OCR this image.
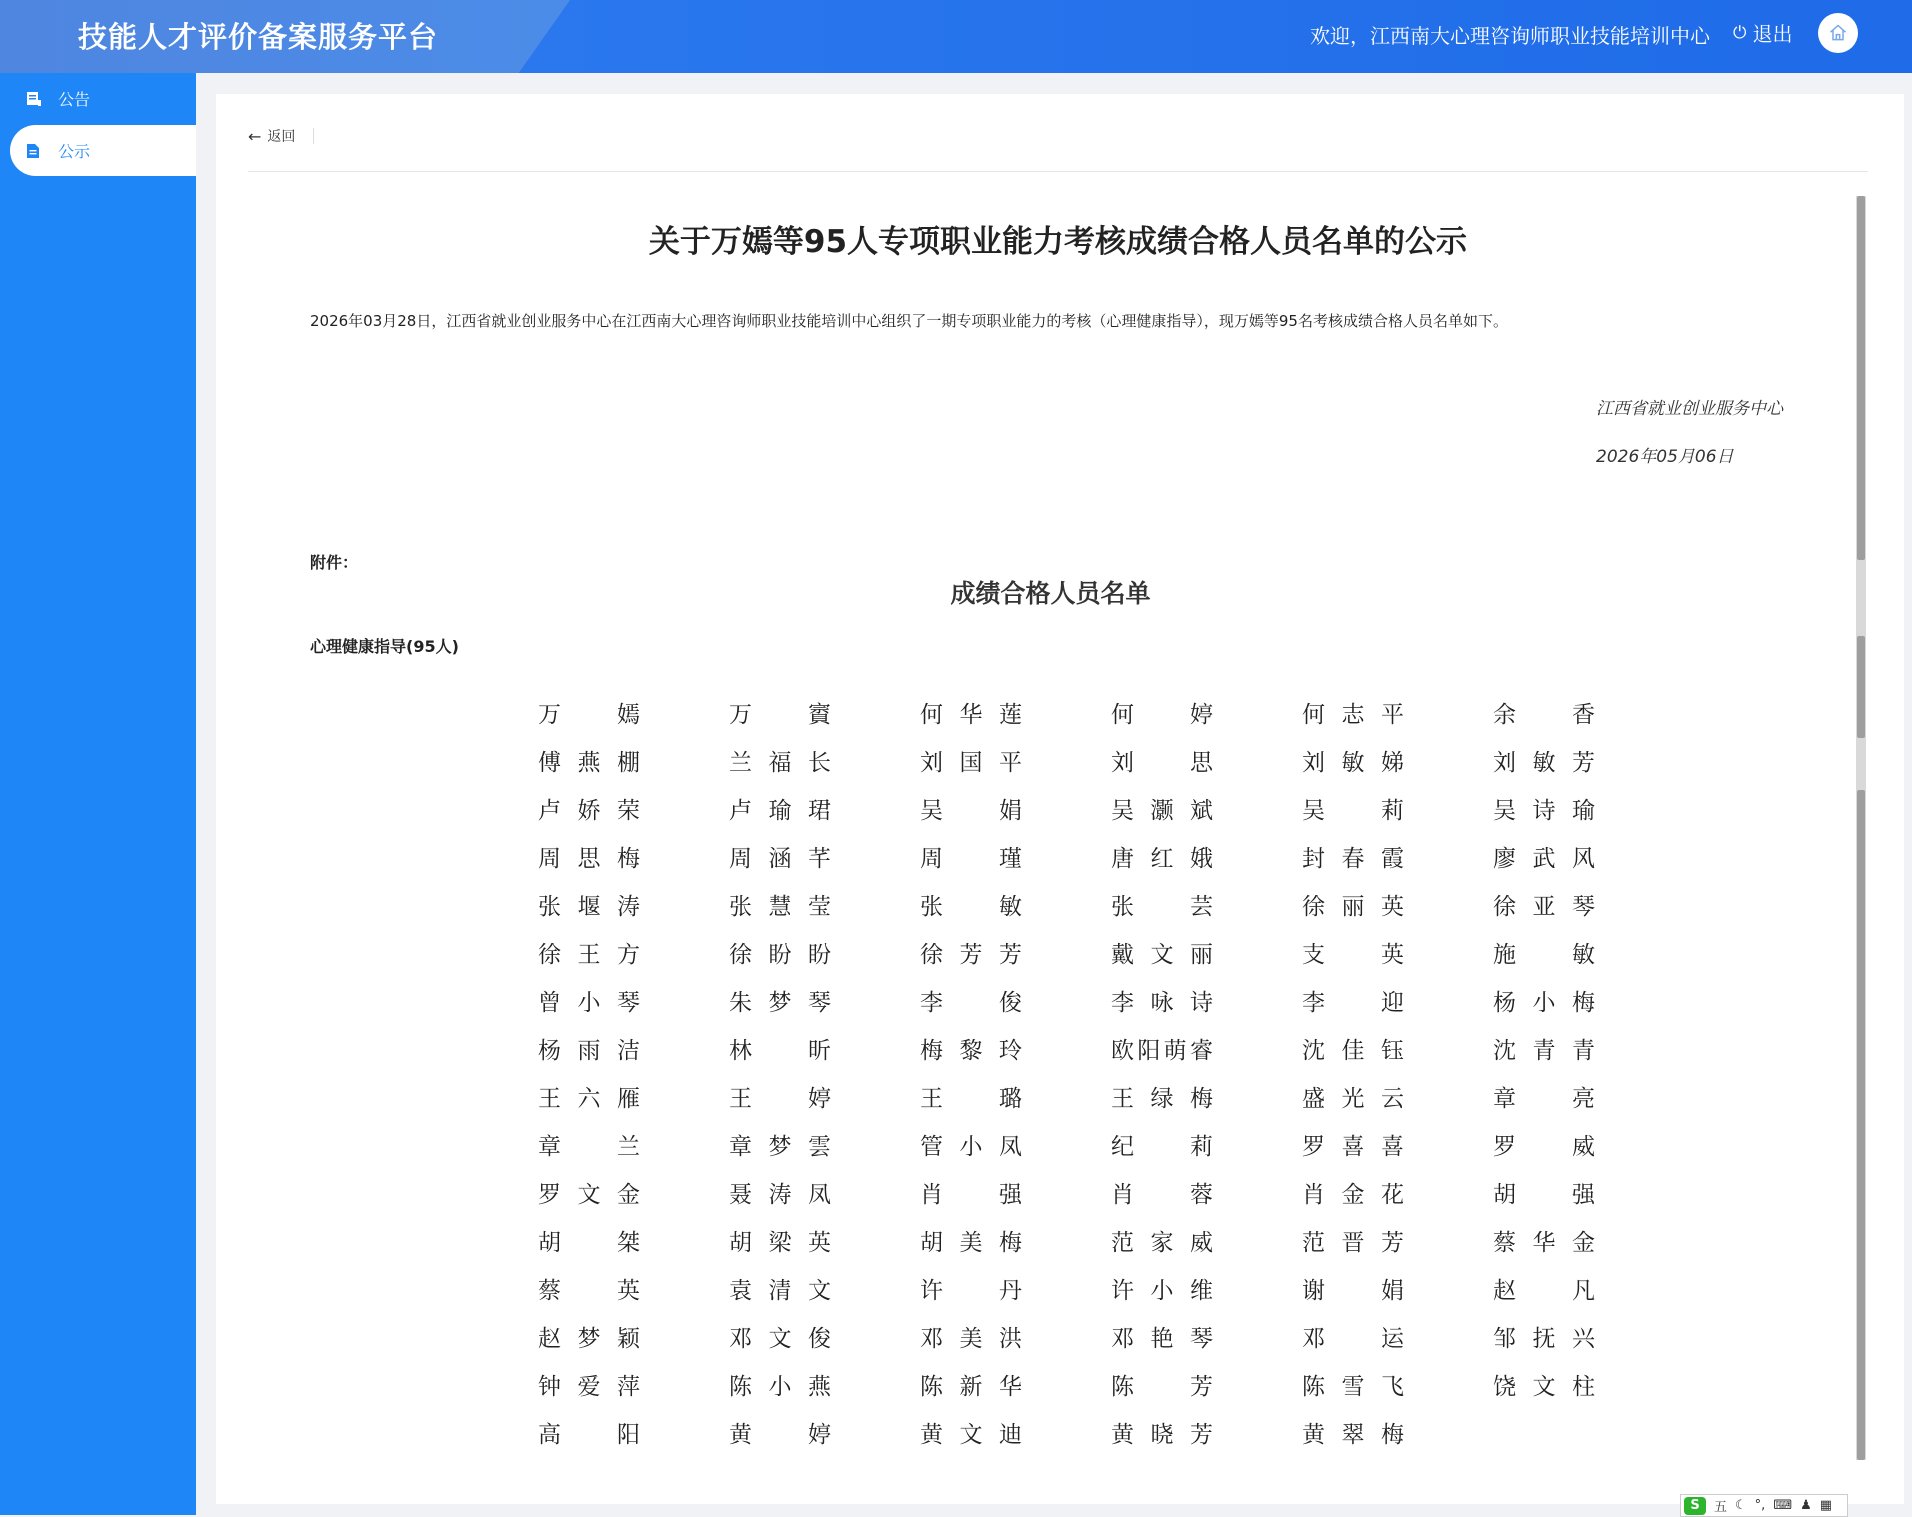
技能人才评价备案服务平台	欢迎，江西南大心理咨询师职业技能培训中心 ⏻ 退出
公告
公示
← 返回
关于万嫣等95人专项职业能力考核成绩合格人员名单的公示
2026年03月28日，江西省就业创业服务中心在江西南大心理咨询师职业技能培训中心组织了一期专项职业能力的考核（心理健康指导），现万嫣等95名考核成绩合格人员名单如下。
江西省就业创业服务中心
2026年05月06日
附件：
成绩合格人员名单
心理健康指导(95人)
万 嫣	万 賨	何 华 莲	何 婷	何 志 平	余 香
傅 燕 棚	兰 福 长	刘 国 平	刘 思	刘 敏 娣	刘 敏 芳
卢 娇 荣	卢 瑜 珺	吴 娟	吴 灏 斌	吴 莉	吴 诗 瑜
周 思 梅	周 涵 芊	周 瑾	唐 红 娥	封 春 霞	廖 武 风
张 堰 涛	张 慧 莹	张 敏	张 芸	徐 丽 英	徐 亚 琴
徐 王 方	徐 盼 盼	徐 芳 芳	戴 文 丽	支 英	施 敏
曾 小 琴	朱 梦 琴	李 俊	李 咏 诗	李 迎	杨 小 梅
杨 雨 洁	林 昕	梅 黎 玲	欧 阳 萌 睿	沈 佳 钰	沈 青 青
王 六 雁	王 婷	王 璐	王 绿 梅	盛 光 云	章 亮
章 兰	章 梦 雲	管 小 凤	纪 莉	罗 喜 喜	罗 威
罗 文 金	聂 涛 凤	肖 强	肖 蓉	肖 金 花	胡 强
胡 桀	胡 梁 英	胡 美 梅	范 家 威	范 晋 芳	蔡 华 金
蔡 英	袁 清 文	许 丹	许 小 维	谢 娟	赵 凡
赵 梦 颖	邓 文 俊	邓 美 洪	邓 艳 琴	邓 运	邹 抚 兴
钟 爱 萍	陈 小 燕	陈 新 华	陈 芳	陈 雪 飞	饶 文 柱
高 阳	黄 婷	黄 文 迪	黄 晓 芳	黄 翠 梅
S	五 ☾ °, ⌨ ♟ ▦
